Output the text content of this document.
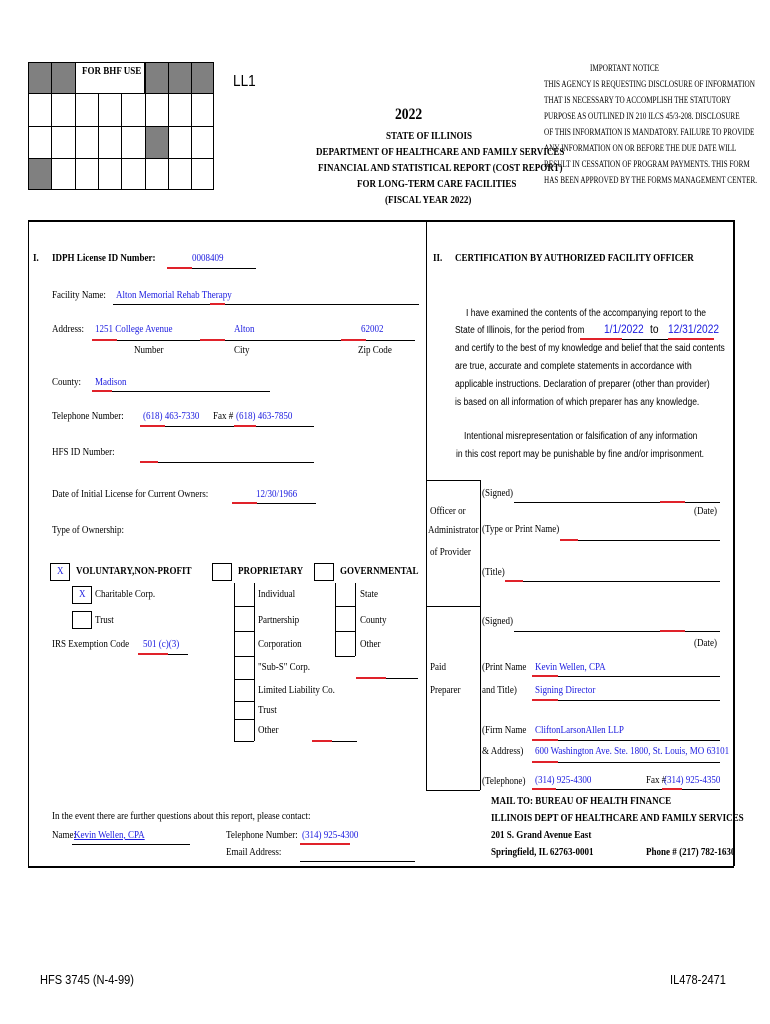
FOR BHF USE
LL1
2022
STATE OF ILLINOIS
DEPARTMENT OF HEALTHCARE AND FAMILY SERVICES
FINANCIAL AND STATISTICAL REPORT (COST REPORT)
FOR LONG-TERM CARE FACILITIES
(FISCAL YEAR 2022)
IMPORTANT NOTICE
THIS AGENCY IS REQUESTING DISCLOSURE OF INFORMATION
THAT IS NECESSARY TO ACCOMPLISH THE STATUTORY
PURPOSE AS OUTLINED IN 210 ILCS 45/3-208. DISCLOSURE
OF THIS INFORMATION IS MANDATORY. FAILURE TO PROVIDE
ANY INFORMATION ON OR BEFORE THE DUE DATE WILL
RESULT IN CESSATION OF PROGRAM PAYMENTS. THIS FORM
HAS BEEN APPROVED BY THE FORMS MANAGEMENT CENTER.
I. IDPH License ID Number:	0008409
Facility Name: Alton Memorial Rehab Therapy
Address: 1251 College Avenue	Alton	62002
Number	City	Zip Code
County: Madison
Telephone Number: (618) 463-7330 Fax # (618) 463-7850
HFS ID Number:
Date of Initial License for Current Owners:	12/30/1966
Type of Ownership:
X VOLUNTARY,NON-PROFIT
X Charitable Corp.
Trust
IRS Exemption Code 501 (c)(3)
PROPRIETARY
Individual
Partnership
Corporation
"Sub-S" Corp.
Limited Liability Co.
Trust
Other
GOVERNMENTAL
State
County
Other
In the event there are further questions about this report, please contact:
Name:
Kevin Wellen, CPA	Telephone Number: (314) 925-4300
Email Address:
II. CERTIFICATION BY AUTHORIZED FACILITY OFFICER
I have examined the contents of the accompanying report to the
State of Illinois, for the period from 1/1/2022 to 12/31/2022
and certify to the best of my knowledge and belief that the said contents
are true, accurate and complete statements in accordance with
applicable instructions. Declaration of preparer (other than provider)
is based on all information of which preparer has any knowledge.
Intentional misrepresentation or falsification of any information
in this cost report may be punishable by fine and/or imprisonment.
Officer or
Administrator
of Provider
(Signed)
(Date)
(Type or Print Name)
(Title)
(Signed)
(Date)
Paid
Preparer
(Print Name Kevin Wellen, CPA
and Title) Signing Director
(Firm Name CliftonLarsonAllen LLP
& Address) 600 Washington Ave. Ste. 1800, St. Louis, MO 63101
(Telephone) (314) 925-4300	Fax #
(314) 925-4350
MAIL TO: BUREAU OF HEALTH FINANCE
ILLINOIS DEPT OF HEALTHCARE AND FAMILY SERVICES
201 S. Grand Avenue East
Springfield, IL 62763-0001	Phone # (217) 782-1630
HFS 3745 (N-4-99)	IL478-2471
